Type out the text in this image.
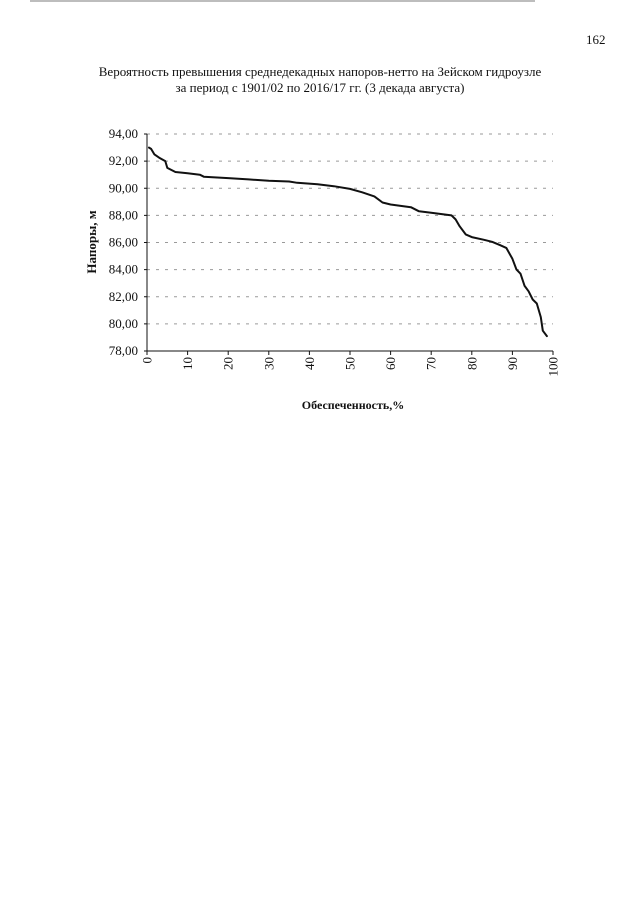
162
Вероятность превышения среднедекадных напоров-нетто на Зейском гидроузле
за период с 1901/02 по 2016/17 гг. (3 декада августа)
Напоры, м
Обеспеченность,%
78,00
80,00
82,00
84,00
86,00
88,00
90,00
92,00
94,00
0 10 20 30 40 50 60 70 80 90 100
